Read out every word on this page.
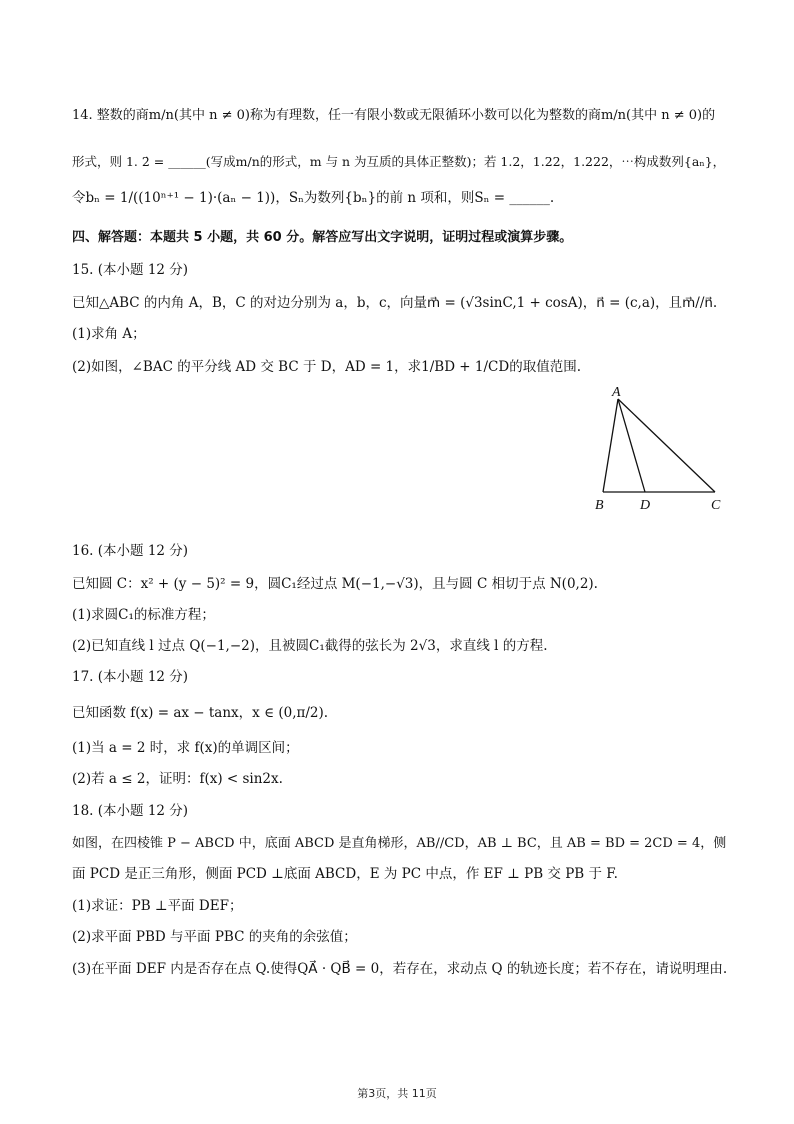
14. 整数的商m/n(其中 n ≠ 0)称为有理数，任一有限小数或无限循环小数可以化为整数的商m/n(其中 n ≠ 0)的
形式，则 1. 2̇ = ______(写成m/n的形式，m 与 n 为互质的具体正整数)；若 1.2，1.22，1.222，⋯构成数列{aₙ}，
令bₙ = 1/((10ⁿ⁺¹ − 1)·(aₙ − 1))，Sₙ为数列{bₙ}的前 n 项和，则Sₙ = ______.
四、解答题：本题共 5 小题，共 60 分。解答应写出文字说明，证明过程或演算步骤。
15. (本小题 12 分)
已知△ABC 的内角 A，B，C 的对边分别为 a，b，c，向量m⃗ = (√3sinC,1 + cosA)，n⃗ = (c,a)，且m⃗//n⃗.
(1)求角 A；
(2)如图，∠BAC 的平分线 AD 交 BC 于 D，AD = 1，求1/BD + 1/CD的取值范围.
A
B	D	C
16. (本小题 12 分)
已知圆 C：x² + (y − 5)² = 9，圆C₁经过点 M(−1,−√3)，且与圆 C 相切于点 N(0,2).
(1)求圆C₁的标准方程；
(2)已知直线 l 过点 Q(−1,−2)，且被圆C₁截得的弦长为 2√3，求直线 l 的方程.
17. (本小题 12 分)
已知函数 f(x) = ax − tanx，x ∈ (0,π/2).
(1)当 a = 2 时，求 f(x)的单调区间；
(2)若 a ≤ 2，证明：f(x) < sin2x.
18. (本小题 12 分)
如图，在四棱锥 P − ABCD 中，底面 ABCD 是直角梯形，AB//CD，AB ⊥ BC，且 AB = BD = 2CD = 4，侧
面 PCD 是正三角形，侧面 PCD ⊥底面 ABCD，E 为 PC 中点，作 EF ⊥ PB 交 PB 于 F.
(1)求证：PB ⊥平面 DEF；
(2)求平面 PBD 与平面 PBC 的夹角的余弦值；
(3)在平面 DEF 内是否存在点 Q.使得QA⃗ · QB⃗ = 0，若存在，求动点 Q 的轨迹长度；若不存在，请说明理由.
第3页，共 11页
